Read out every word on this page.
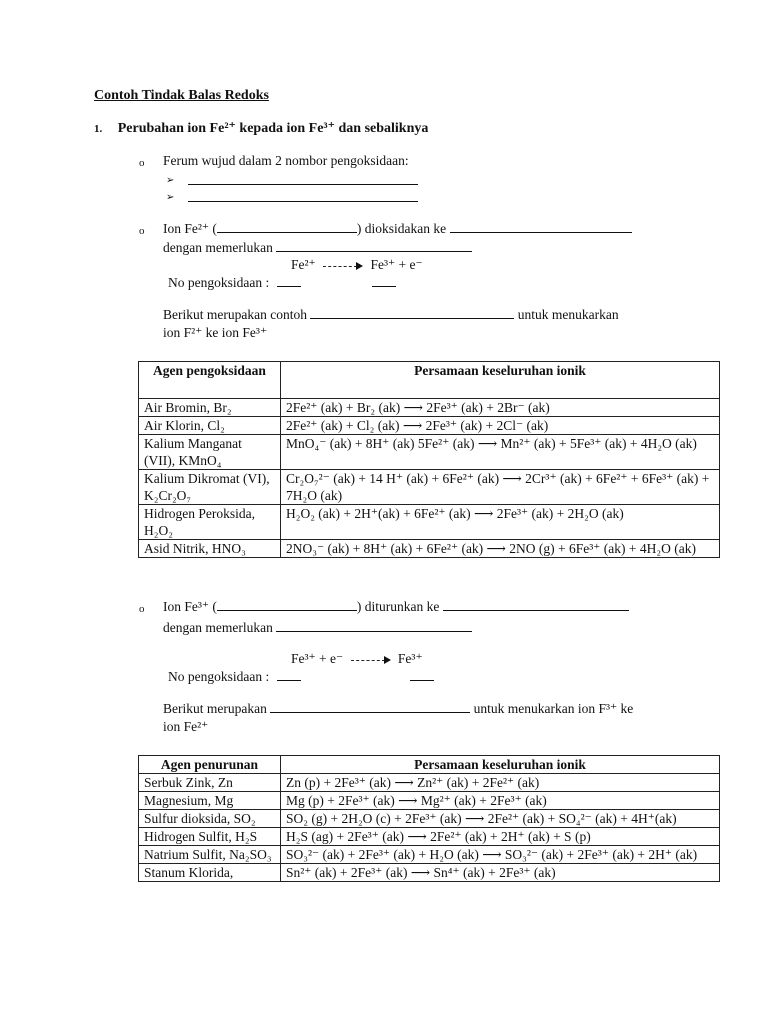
Contoh Tindak Balas Redoks
1. Perubahan ion Fe²⁺ kepada ion Fe³⁺ dan sebaliknya
o Ferum wujud dalam 2 nombor pengoksidaan:
➢
➢
o Ion Fe²⁺ (	) dioksidakan ke
dengan memerlukan
Fe²⁺	Fe³⁺ + e⁻
No pengoksidaan :
Berikut merupakan contoh	untuk menukarkan
ion F²⁺ ke ion Fe³⁺
Agen pengoksidaan	Persamaan keseluruhan ionik
Air Bromin, Br₂	2Fe²⁺ (ak) + Br₂ (ak) ⟶ 2Fe³⁺ (ak) + 2Br⁻ (ak)
Air Klorin, Cl₂	2Fe²⁺ (ak) + Cl₂ (ak) ⟶ 2Fe³⁺ (ak) + 2Cl⁻ (ak)
Kalium Manganat (VII), KMnO₄	MnO₄⁻ (ak) + 8H⁺ (ak) 5Fe²⁺ (ak) ⟶ Mn²⁺ (ak) + 5Fe³⁺ (ak) + 4H₂O (ak)
Kalium Dikromat (VI), K₂Cr₂O₇	Cr₂O₇²⁻ (ak) + 14 H⁺ (ak) + 6Fe²⁺ (ak) ⟶ 2Cr³⁺ (ak) + 6Fe²⁺ + 6Fe³⁺ (ak) + 7H₂O (ak)
Hidrogen Peroksida, H₂O₂	H₂O₂ (ak) + 2H⁺(ak) + 6Fe²⁺ (ak) ⟶ 2Fe³⁺ (ak) + 2H₂O (ak)
Asid Nitrik, HNO₃	2NO₃⁻ (ak) + 8H⁺ (ak) + 6Fe²⁺ (ak) ⟶ 2NO (g) + 6Fe³⁺ (ak) + 4H₂O (ak)
o Ion Fe³⁺ (	) diturunkan ke
dengan memerlukan
Fe³⁺ + e⁻	Fe³⁺
No pengoksidaan :
Berikut merupakan	untuk menukarkan ion F³⁺ ke
ion Fe²⁺
Agen penurunan	Persamaan keseluruhan ionik
Serbuk Zink, Zn	Zn (p) + 2Fe³⁺ (ak) ⟶ Zn²⁺ (ak) + 2Fe²⁺ (ak)
Magnesium, Mg	Mg (p) + 2Fe³⁺ (ak) ⟶ Mg²⁺ (ak) + 2Fe³⁺ (ak)
Sulfur dioksida, SO₂	SO₂ (g) + 2H₂O (c) + 2Fe³⁺ (ak) ⟶ 2Fe²⁺ (ak) + SO₄²⁻ (ak) + 4H⁺(ak)
Hidrogen Sulfit, H₂S	H₂S (ag) + 2Fe³⁺ (ak) ⟶ 2Fe²⁺ (ak) + 2H⁺ (ak) + S (p)
Natrium Sulfit, Na₂SO₃	SO₃²⁻ (ak) + 2Fe³⁺ (ak) + H₂O (ak) ⟶ SO₃²⁻ (ak) + 2Fe³⁺ (ak) + 2H⁺ (ak)
Stanum Klorida,	Sn²⁺ (ak) + 2Fe³⁺ (ak) ⟶ Sn⁴⁺ (ak) + 2Fe³⁺ (ak)
